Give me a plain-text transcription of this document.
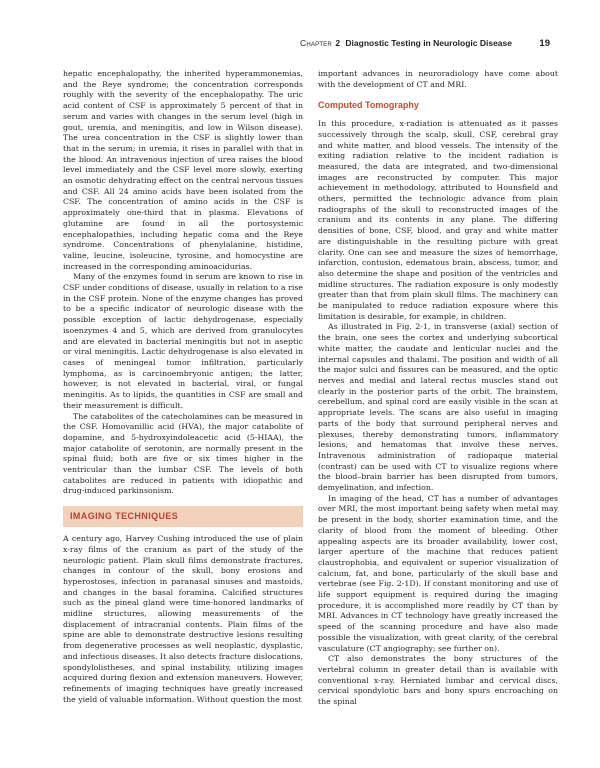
Chapter 2 Diagnostic Testing in Neurologic Disease	19

hepatic encephalopathy, the inherited hyperammonemias, and the Reye syndrome; the concentration corresponds roughly with the severity of the encephalopathy. The uric acid content of CSF is approximately 5 percent of that in serum and varies with changes in the serum level (high in gout, uremia, and meningitis, and low in Wilson disease). The urea concentration in the CSF is slightly lower than that in the serum; in uremia, it rises in parallel with that in the blood. An intravenous injection of urea raises the blood level immediately and the CSF level more slowly, exerting an osmotic dehydrating effect on the central nervous tissues and CSF. All 24 amino acids have been isolated from the CSF. The concentration of amino acids in the CSF is approximately one-third that in plasma. Elevations of glutamine are found in all the portosystemic encephalopathies, including hepatic coma and the Reye syndrome. Concentrations of phenylalanine, histidine, valine, leucine, isoleucine, tyrosine, and homocystine are increased in the corresponding aminoacidurias.

Many of the enzymes found in serum are known to rise in CSF under conditions of disease, usually in relation to a rise in the CSF protein. None of the enzyme changes has proved to be a specific indicator of neurologic disease with the possible exception of lactic dehydrogenase, especially isoenzymes 4 and 5, which are derived from granulocytes and are elevated in bacterial meningitis but not in aseptic or viral meningitis. Lactic dehydrogenase is also elevated in cases of meningeal tumor infiltration, particularly lymphoma, as is carcinoembryonic antigen; the latter, however, is not elevated in bacterial, viral, or fungal meningitis. As to lipids, the quantities in CSF are small and their measurement is difficult.

The catabolites of the catecholamines can be measured in the CSF. Homovanillic acid (HVA), the major catabolite of dopamine, and 5-hydroxyindoleacetic acid (5-HIAA), the major catabolite of serotonin, are normally present in the spinal fluid; both are five or six times higher in the ventricular than the lumbar CSF. The levels of both catabolites are reduced in patients with idiopathic and drug-induced parkinsonism.

IMAGING TECHNIQUES

A century ago, Harvey Cushing introduced the use of plain x-ray films of the cranium as part of the study of the neurologic patient. Plain skull films demonstrate fractures, changes in contour of the skull, bony erosions and hyperostoses, infection in paranasal sinuses and mastoids, and changes in the basal foramina. Calcified structures such as the pineal gland were time-honored landmarks of midline structures, allowing measurements of the displacement of intracranial contents. Plain films of the spine are able to demonstrate destructive lesions resulting from degenerative processes as well neoplastic, dysplastic, and infectious diseases. It also detects fracture dislocations, spondylolistheses, and spinal instability, utilizing images acquired during flexion and extension maneuvers. However, refinements of imaging techniques have greatly increased the yield of valuable information. Without question the most

important advances in neuroradiology have come about with the development of CT and MRI.

Computed Tomography

In this procedure, x-radiation is attenuated as it passes successively through the scalp, skull, CSF, cerebral gray and white matter, and blood vessels. The intensity of the exiting radiation relative to the incident radiation is measured, the data are integrated, and two-dimensional images are reconstructed by computer. This major achievement in methodology, attributed to Hounsfield and others, permitted the technologic advance from plain radiographs of the skull to reconstructed images of the cranium and its contents in any plane. The differing densities of bone, CSF, blood, and gray and white matter are distinguishable in the resulting picture with great clarity. One can see and measure the sizes of hemorrhage, infarction, contusion, edematous brain, abscess, tumor, and also determine the shape and position of the ventricles and midline structures. The radiation exposure is only modestly greater than that from plain skull films. The machinery can be manipulated to reduce radiation exposure where this limitation is desirable, for example, in children.

As illustrated in Fig. 2-1, in transverse (axial) section of the brain, one sees the cortex and underlying subcortical white matter, the caudate and lenticular nuclei and the internal capsules and thalami. The position and width of all the major sulci and fissures can be measured, and the optic nerves and medial and lateral rectus muscles stand out clearly in the posterior parts of the orbit. The brainstem, cerebellum, and spinal cord are easily visible in the scan at appropriate levels. The scans are also useful in imaging parts of the body that surround peripheral nerves and plexuses, thereby demonstrating tumors, inflammatory lesions, and hematomas that involve these nerves. Intravenous administration of radiopaque material (contrast) can be used with CT to visualize regions where the blood–brain barrier has been disrupted from tumors, demyelination, and infection.

In imaging of the head, CT has a number of advantages over MRI, the most important being safety when metal may be present in the body, shorter examination time, and the clarity of blood from the moment of bleeding. Other appealing aspects are its broader availability, lower cost, larger aperture of the machine that reduces patient claustrophobia, and equivalent or superior visualization of calcium, fat, and bone, particularly of the skull base and vertebrae (see Fig. 2-1D). If constant monitoring and use of life support equipment is required during the imaging procedure, it is accomplished more readily by CT than by MRI. Advances in CT technology have greatly increased the speed of the scanning procedure and have also made possible the visualization, with great clarity, of the cerebral vasculature (CT angiography; see further on).

CT also demonstrates the bony structures of the vertebral column in greater detail than is available with conventional x-ray. Herniated lumbar and cervical discs, cervical spondylotic bars and bony spurs encroaching on the spinal
